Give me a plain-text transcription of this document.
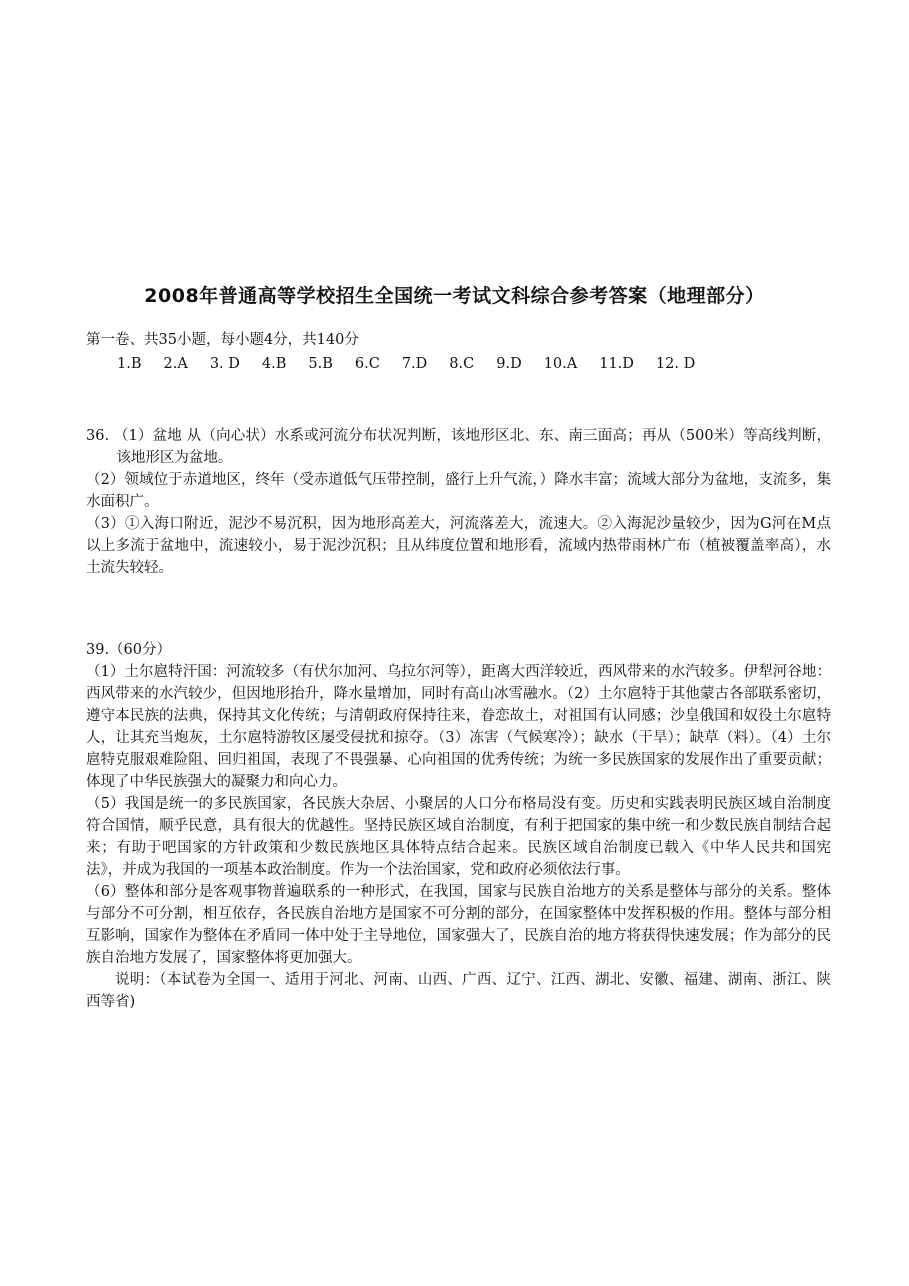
2008年普通高等学校招生全国统一考试文科综合参考答案（地理部分）
第一卷、共35小题，每小题4分，共140分
1.B 2.A 3. D 4.B 5.B 6.C 7.D 8.C 9.D 10.A 11.D 12. D

36. （1）盆地 从（向心状）水系或河流分布状况判断，该地形区北、东、南三面高；再从（500米）等高线判断，该地形区为盆地。

（2）领域位于赤道地区，终年（受赤道低气压带控制，盛行上升气流，）降水丰富；流域大部分为盆地，支流多，集水面积广。

（3）①入海口附近，泥沙不易沉积，因为地形高差大，河流落差大，流速大。②入海泥沙量较少，因为G河在M点以上多流于盆地中，流速较小，易于泥沙沉积；且从纬度位置和地形看，流域内热带雨林广布（植被覆盖率高），水土流失较轻。

39.（60分）

（1）土尔扈特汗国：河流较多（有伏尔加河、乌拉尔河等），距离大西洋较近，西风带来的水汽较多。伊犁河谷地：西风带来的水汽较少，但因地形抬升，降水量增加，同时有高山冰雪融水。（2）土尔扈特于其他蒙古各部联系密切，遵守本民族的法典，保持其文化传统；与清朝政府保持往来，眷恋故土，对祖国有认同感；沙皇俄国和奴役土尔扈特人，让其充当炮灰，土尔扈特游牧区屡受侵扰和掠夺。（3）冻害（气候寒冷）；缺水（干旱）；缺草（料）。（4）土尔扈特克服艰难险阻、回归祖国，表现了不畏强暴、心向祖国的优秀传统；为统一多民族国家的发展作出了重要贡献；体现了中华民族强大的凝聚力和向心力。

（5）我国是统一的多民族国家，各民族大杂居、小聚居的人口分布格局没有变。历史和实践表明民族区域自治制度符合国情，顺乎民意，具有很大的优越性。坚持民族区域自治制度，有利于把国家的集中统一和少数民族自制结合起来；有助于吧国家的方针政策和少数民族地区具体特点结合起来。民族区域自治制度已载入《中华人民共和国宪法》，并成为我国的一项基本政治制度。作为一个法治国家，党和政府必须依法行事。

（6）整体和部分是客观事物普遍联系的一种形式，在我国，国家与民族自治地方的关系是整体与部分的关系。整体与部分不可分割，相互依存，各民族自治地方是国家不可分割的部分，在国家整体中发挥积极的作用。整体与部分相互影响，国家作为整体在矛盾同一体中处于主导地位，国家强大了，民族自治的地方将获得快速发展；作为部分的民族自治地方发展了，国家整体将更加强大。

说明：（本试卷为全国一、适用于河北、河南、山西、广西、辽宁、江西、湖北、安徽、福建、湖南、浙江、陕西等省)
